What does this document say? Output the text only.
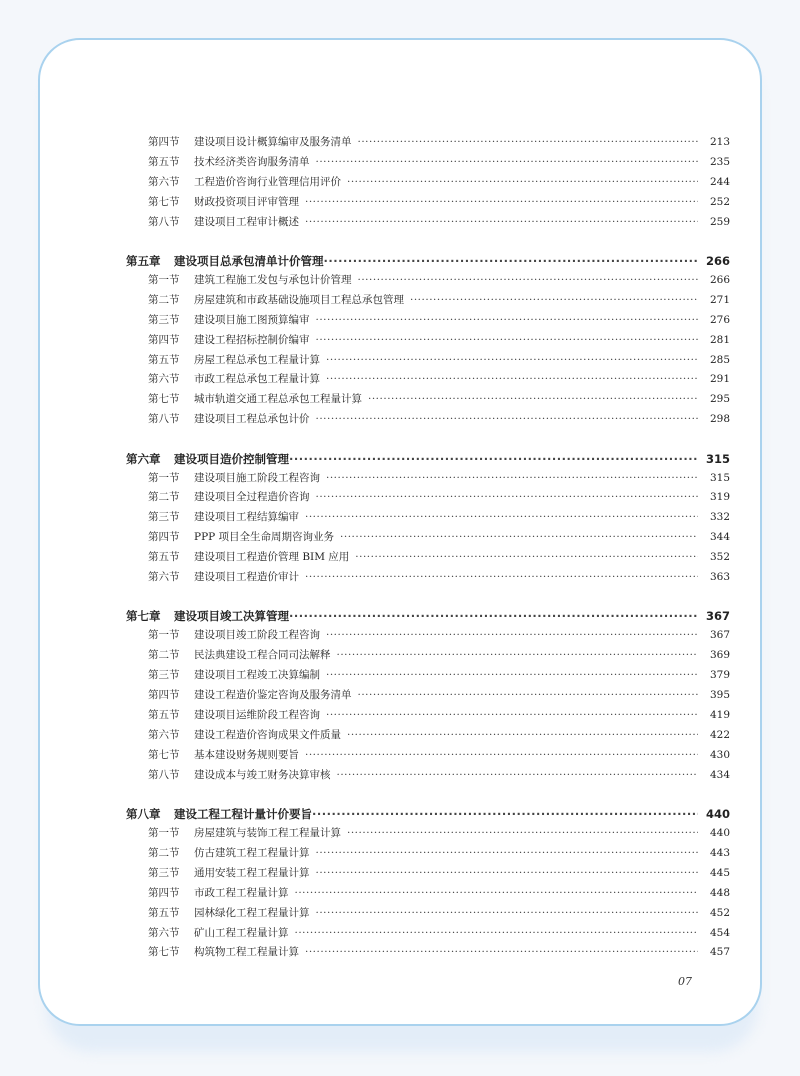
第四节	建设项目设计概算编审及服务清单 ·····	213
第五节	技术经济类咨询服务清单 ·····	235
第六节	工程造价咨询行业管理信用评价 ·····	244
第七节	财政投资项目评审管理 ·····	252
第八节	建设项目工程审计概述 ·····	259
第五章	建设项目总承包清单计价管理 ·····	266
第一节	建筑工程施工发包与承包计价管理 ·····	266
第二节	房屋建筑和市政基础设施项目工程总承包管理 ·····	271
第三节	建设项目施工图预算编审 ·····	276
第四节	建设工程招标控制价编审 ·····	281
第五节	房屋工程总承包工程量计算 ·····	285
第六节	市政工程总承包工程量计算 ·····	291
第七节	城市轨道交通工程总承包工程量计算 ·····	295
第八节	建设项目工程总承包计价 ·····	298
第六章	建设项目造价控制管理 ·····	315
第一节	建设项目施工阶段工程咨询 ·····	315
第二节	建设项目全过程造价咨询 ·····	319
第三节	建设项目工程结算编审 ·····	332
第四节	PPP 项目全生命周期咨询业务 ·····	344
第五节	建设项目工程造价管理 BIM 应用 ·····	352
第六节	建设项目工程造价审计 ·····	363
第七章	建设项目竣工决算管理 ·····	367
第一节	建设项目竣工阶段工程咨询 ·····	367
第二节	民法典建设工程合同司法解释 ·····	369
第三节	建设项目工程竣工决算编制 ·····	379
第四节	建设工程造价鉴定咨询及服务清单 ·····	395
第五节	建设项目运维阶段工程咨询 ·····	419
第六节	建设工程造价咨询成果文件质量 ·····	422
第七节	基本建设财务规则要旨 ·····	430
第八节	建设成本与竣工财务决算审核 ·····	434
第八章	建设工程工程计量计价要旨 ·····	440
第一节	房屋建筑与装饰工程工程量计算 ·····	440
第二节	仿古建筑工程工程量计算 ·····	443
第三节	通用安装工程工程量计算 ·····	445
第四节	市政工程工程量计算 ·····	448
第五节	园林绿化工程工程量计算 ·····	452
第六节	矿山工程工程量计算 ·····	454
第七节	构筑物工程工程量计算 ·····	457
07
